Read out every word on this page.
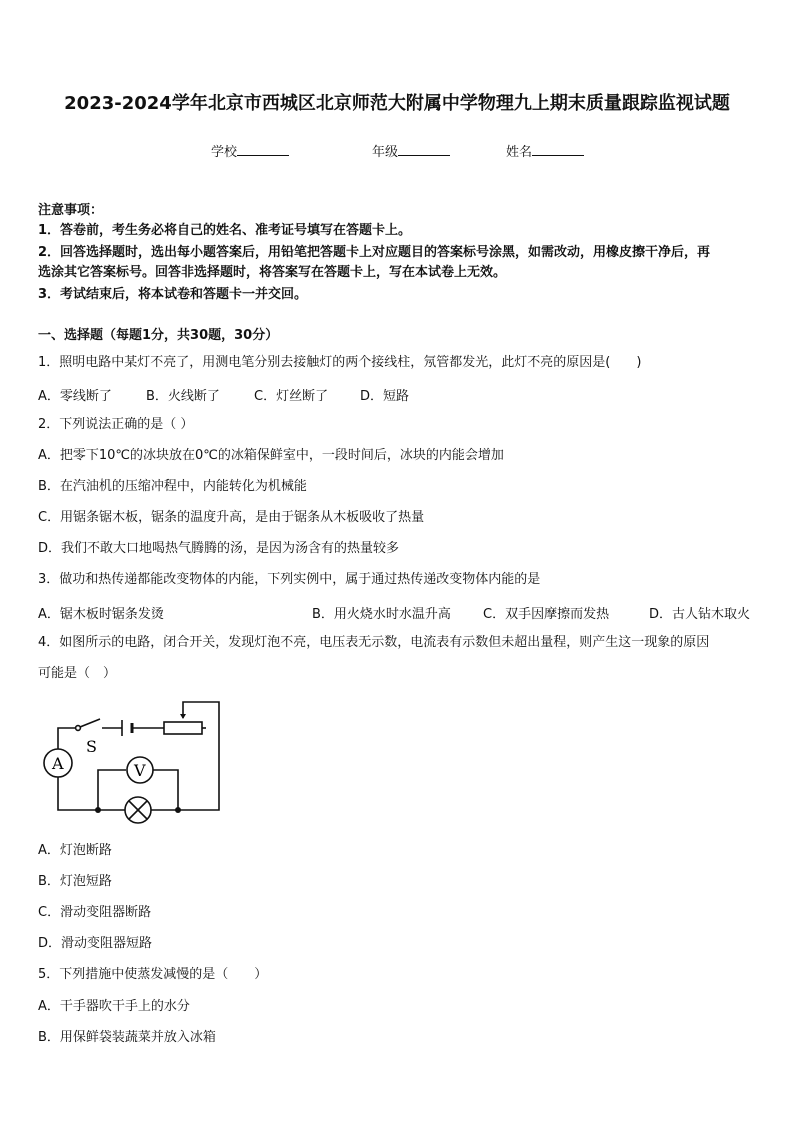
2023-2024学年北京市西城区北京师范大附属中学物理九上期末质量跟踪监视试题
学校	年级	姓名
注意事项：
1．答卷前，考生务必将自己的姓名、准考证号填写在答题卡上。
2．回答选择题时，选出每小题答案后，用铅笔把答题卡上对应题目的答案标号涂黑，如需改动，用橡皮擦干净后，再
选涂其它答案标号。回答非选择题时，将答案写在答题卡上，写在本试卷上无效。
3．考试结束后，将本试卷和答题卡一并交回。
一、选择题（每题1分，共30题，30分）
1．照明电路中某灯不亮了，用测电笔分别去接触灯的两个接线柱，氖管都发光，此灯不亮的原因是(　　)
A．零线断了	B．火线断了	C．灯丝断了 D．短路
2．下列说法正确的是（ ）
A．把零下10℃的冰块放在0℃的冰箱保鲜室中，一段时间后，冰块的内能会增加
B．在汽油机的压缩冲程中，内能转化为机械能
C．用锯条锯木板，锯条的温度升高，是由于锯条从木板吸收了热量
D．我们不敢大口地喝热气腾腾的汤，是因为汤含有的热量较多
3．做功和热传递都能改变物体的内能，下列实例中，属于通过热传递改变物体内能的是
A．锯木板时锯条发烫	B．用火烧水时水温升高 C．双手因摩擦而发热	D．古人钻木取火
4．如图所示的电路，闭合开关，发现灯泡不亮，电压表无示数，电流表有示数但未超出量程，则产生这一现象的原因
可能是（　）
S
A	V
A．灯泡断路
B．灯泡短路
C．滑动变阻器断路
D．滑动变阻器短路
5．下列措施中使蒸发减慢的是（　　）
A．干手器吹干手上的水分
B．用保鲜袋装蔬菜并放入冰箱
